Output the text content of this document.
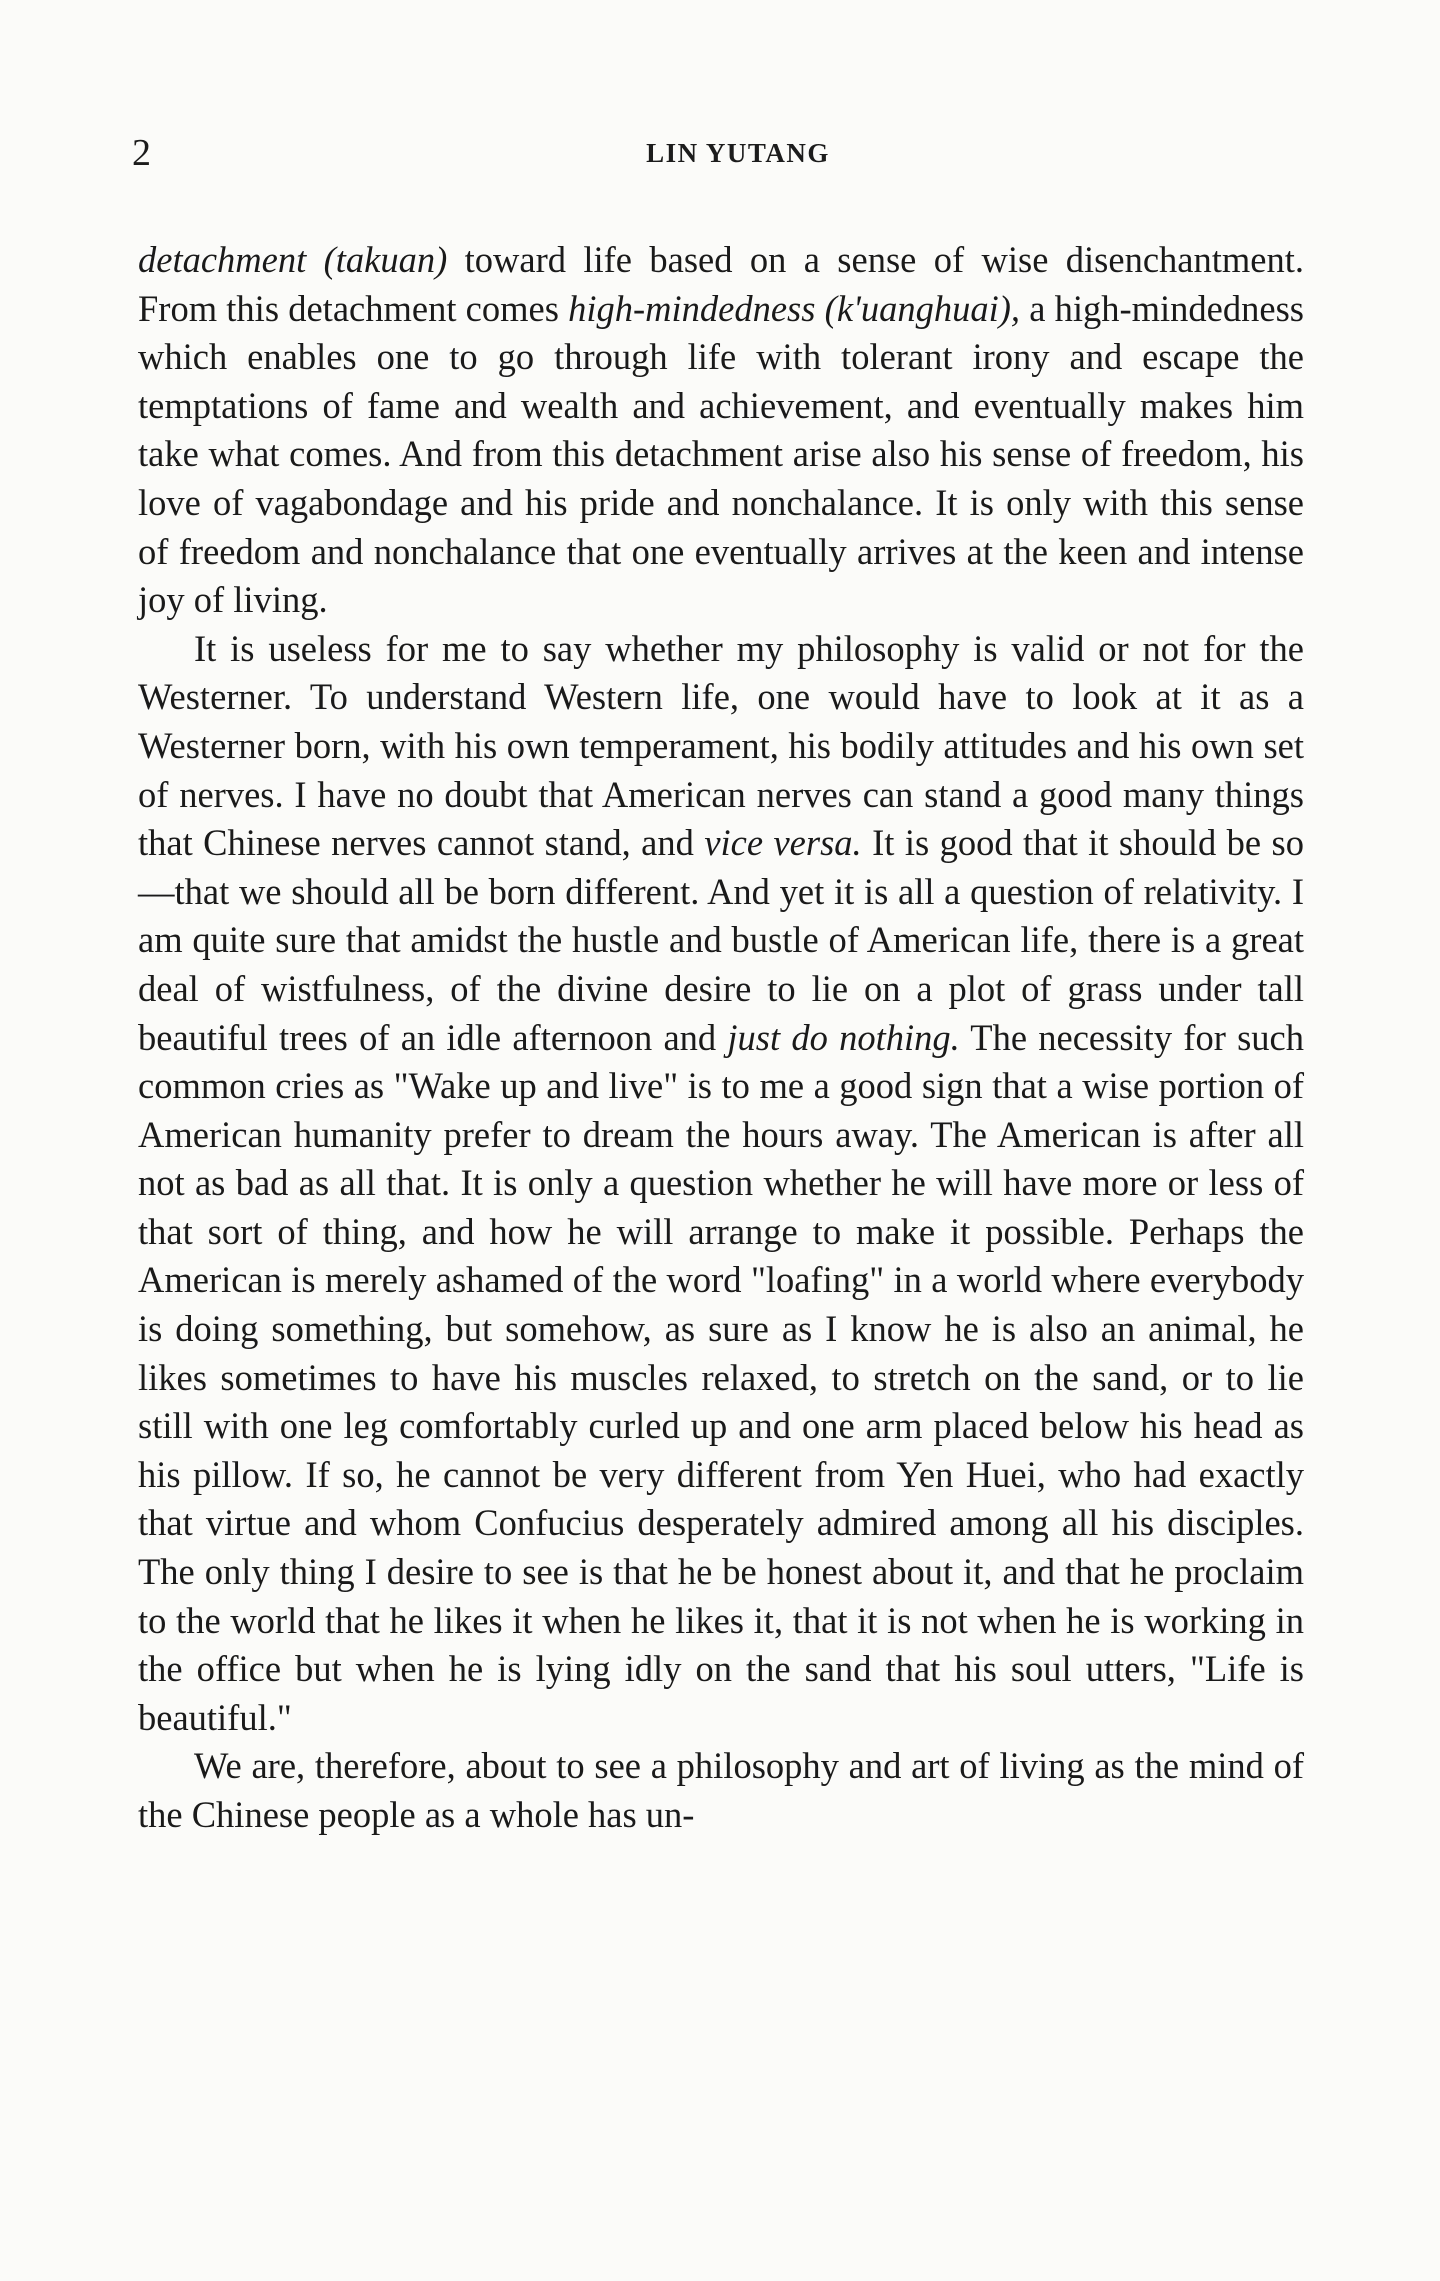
2	LIN YUTANG

detachment (takuan) toward life based on a sense of wise disenchantment. From this detachment comes high-mindedness (k'uanghuai), a high-mindedness which enables one to go through life with tolerant irony and escape the temptations of fame and wealth and achievement, and eventually makes him take what comes. And from this detachment arise also his sense of freedom, his love of vagabondage and his pride and nonchalance. It is only with this sense of freedom and nonchalance that one eventually arrives at the keen and intense joy of living.

It is useless for me to say whether my philosophy is valid or not for the Westerner. To understand Western life, one would have to look at it as a Westerner born, with his own temperament, his bodily attitudes and his own set of nerves. I have no doubt that American nerves can stand a good many things that Chinese nerves cannot stand, and vice versa. It is good that it should be so—that we should all be born different. And yet it is all a question of relativity. I am quite sure that amidst the hustle and bustle of American life, there is a great deal of wistfulness, of the divine desire to lie on a plot of grass under tall beautiful trees of an idle afternoon and just do nothing. The necessity for such common cries as "Wake up and live" is to me a good sign that a wise portion of American humanity prefer to dream the hours away. The American is after all not as bad as all that. It is only a question whether he will have more or less of that sort of thing, and how he will arrange to make it possible. Perhaps the American is merely ashamed of the word "loafing" in a world where everybody is doing something, but somehow, as sure as I know he is also an animal, he likes sometimes to have his muscles relaxed, to stretch on the sand, or to lie still with one leg comfortably curled up and one arm placed below his head as his pillow. If so, he cannot be very different from Yen Huei, who had exactly that virtue and whom Confucius desperately admired among all his disciples. The only thing I desire to see is that he be honest about it, and that he proclaim to the world that he likes it when he likes it, that it is not when he is working in the office but when he is lying idly on the sand that his soul utters, "Life is beautiful."

We are, therefore, about to see a philosophy and art of living as the mind of the Chinese people as a whole has un-
